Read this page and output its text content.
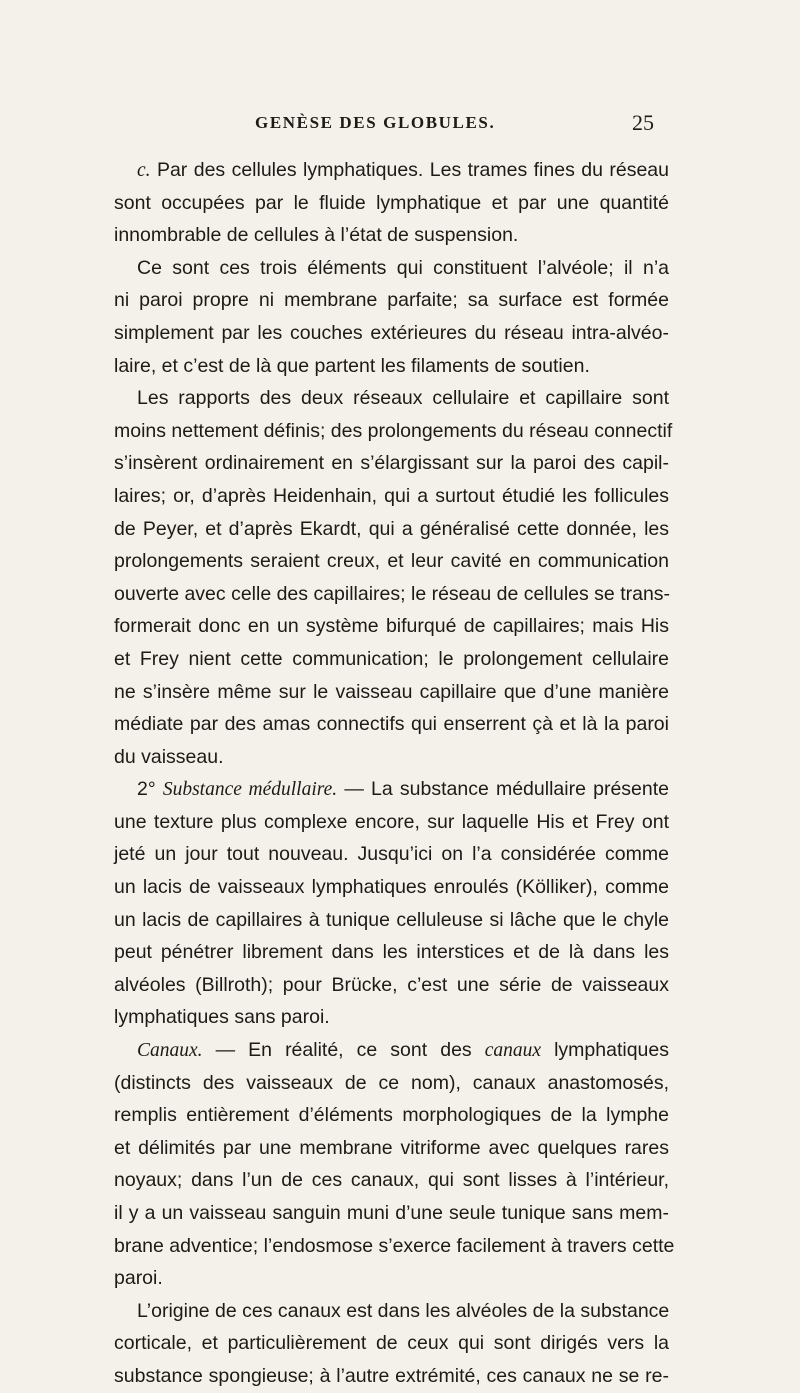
GENÈSE DES GLOBULES.	25
c. Par des cellules lymphatiques. Les trames fines du réseau
sont occupées par le fluide lymphatique et par une quantité
innombrable de cellules à l’état de suspension.
Ce sont ces trois éléments qui constituent l’alvéole; il n’a
ni paroi propre ni membrane parfaite; sa surface est formée
simplement par les couches extérieures du réseau intra-alvéo-
laire, et c’est de là que partent les filaments de soutien.
Les rapports des deux réseaux cellulaire et capillaire sont
moins nettement définis; des prolongements du réseau connectif
s’insèrent ordinairement en s’élargissant sur la paroi des capil-
laires; or, d’après Heidenhain, qui a surtout étudié les follicules
de Peyer, et d’après Ekardt, qui a généralisé cette donnée, les
prolongements seraient creux, et leur cavité en communication
ouverte avec celle des capillaires; le réseau de cellules se trans-
formerait donc en un système bifurqué de capillaires; mais His
et Frey nient cette communication; le prolongement cellulaire
ne s’insère même sur le vaisseau capillaire que d’une manière
médiate par des amas connectifs qui enserrent çà et là la paroi
du vaisseau.
2° Substance médullaire. — La substance médullaire présente
une texture plus complexe encore, sur laquelle His et Frey ont
jeté un jour tout nouveau. Jusqu’ici on l’a considérée comme
un lacis de vaisseaux lymphatiques enroulés (Kölliker), comme
un lacis de capillaires à tunique celluleuse si lâche que le chyle
peut pénétrer librement dans les interstices et de là dans les
alvéoles (Billroth); pour Brücke, c’est une série de vaisseaux
lymphatiques sans paroi.
Canaux. — En réalité, ce sont des canaux lymphatiques
(distincts des vaisseaux de ce nom), canaux anastomosés,
remplis entièrement d’éléments morphologiques de la lymphe
et délimités par une membrane vitriforme avec quelques rares
noyaux; dans l’un de ces canaux, qui sont lisses à l’intérieur,
il y a un vaisseau sanguin muni d’une seule tunique sans mem-
brane adventice; l’endosmose s’exerce facilement à travers cette
paroi.
L’origine de ces canaux est dans les alvéoles de la substance
corticale, et particulièrement de ceux qui sont dirigés vers la
substance spongieuse; à l’autre extrémité, ces canaux ne se re-
